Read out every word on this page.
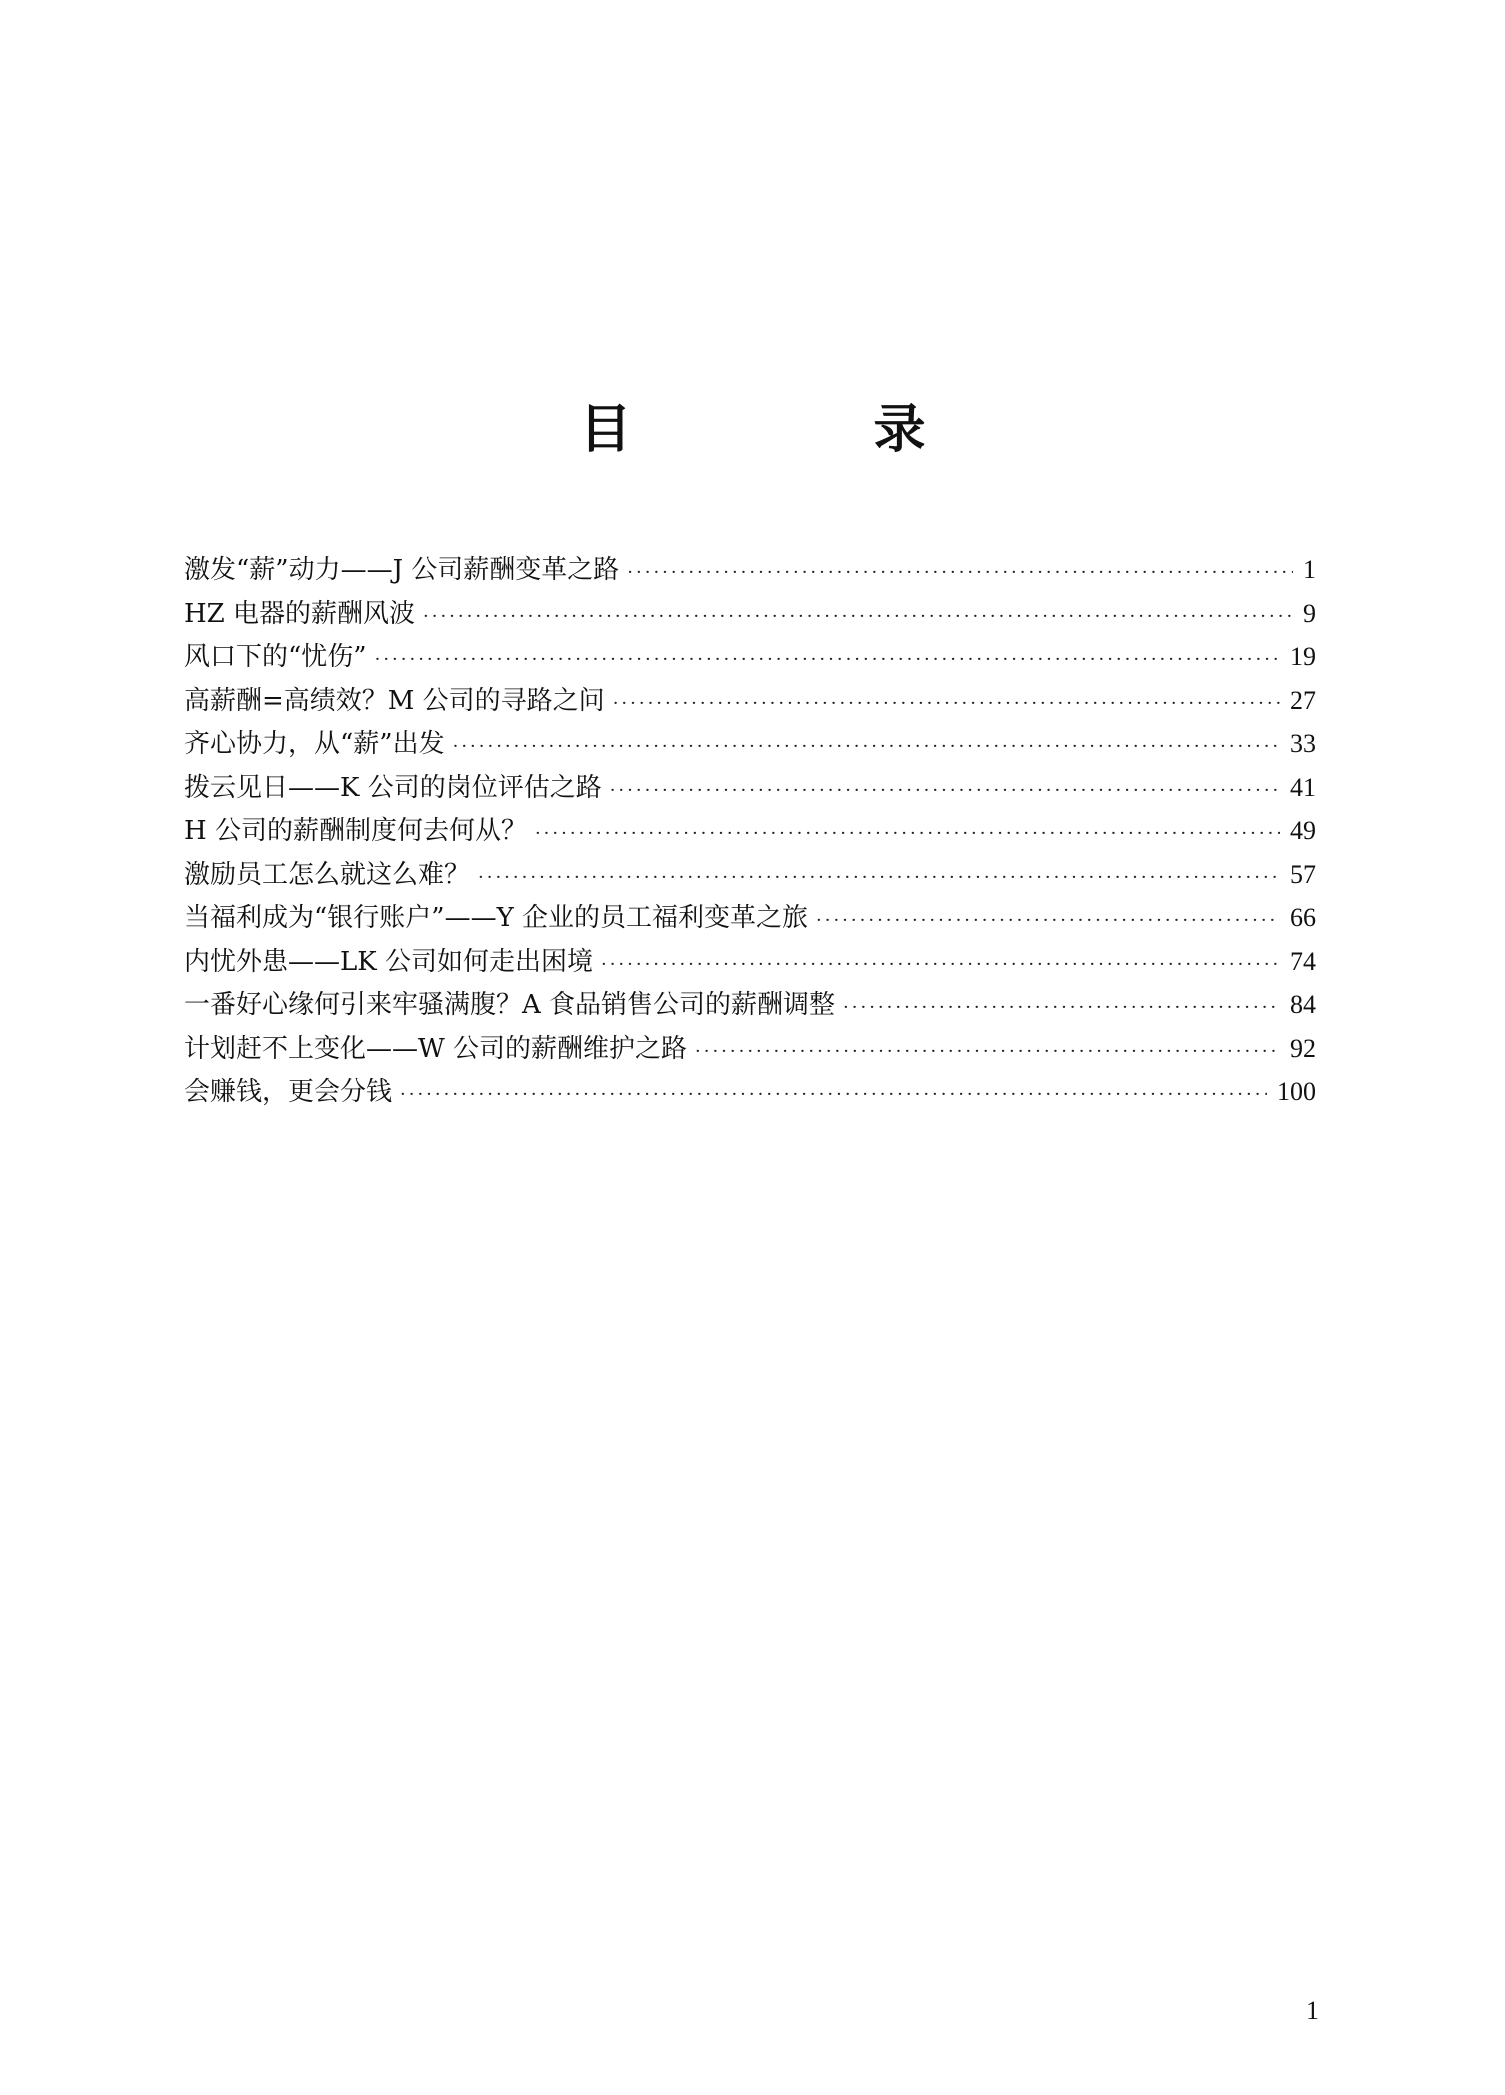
目　录
激发“薪”动力——J 公司薪酬变革之路 ·····	1
HZ 电器的薪酬风波 ·····	9
风口下的“忧伤” ·····	19
高薪酬=高绩效？M 公司的寻路之问 ·····	27
齐心协力，从“薪”出发 ·····	33
拨云见日——K 公司的岗位评估之路 ·····	41
H 公司的薪酬制度何去何从？ ·····	49
激励员工怎么就这么难？ ·····	57
当福利成为“银行账户”——Y 企业的员工福利变革之旅 ·····	66
内忧外患——LK 公司如何走出困境 ·····	74
一番好心缘何引来牢骚满腹？A 食品销售公司的薪酬调整 ·····	84
计划赶不上变化——W 公司的薪酬维护之路 ·····	92
会赚钱，更会分钱 ·····	100
1
